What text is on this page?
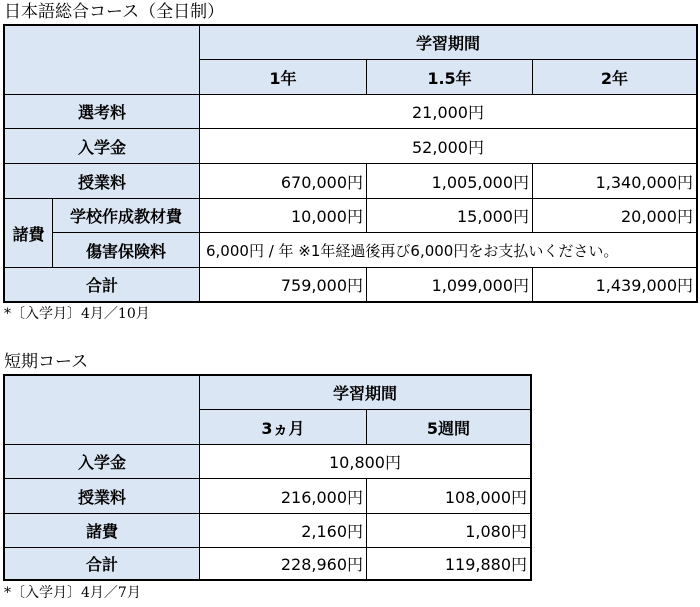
日本語総合コース（全日制）
学習期間
1年	1.5年	2年
選考料	21,000円
入学金	52,000円
授業料	670,000円	1,005,000円	1,340,000円
諸費
学校作成教材費	10,000円	15,000円	20,000円
傷害保険料	6,000円 / 年 ※1年経過後再び6,000円をお支払いください。
合計	759,000円	1,099,000円	1,439,000円
*〔入学月〕4月／10月
短期コース
学習期間
3ヵ月	5週間
入学金	10,800円
授業料	216,000円	108,000円
諸費	2,160円	1,080円
合計	228,960円	119,880円
*〔入学月〕4月／7月
